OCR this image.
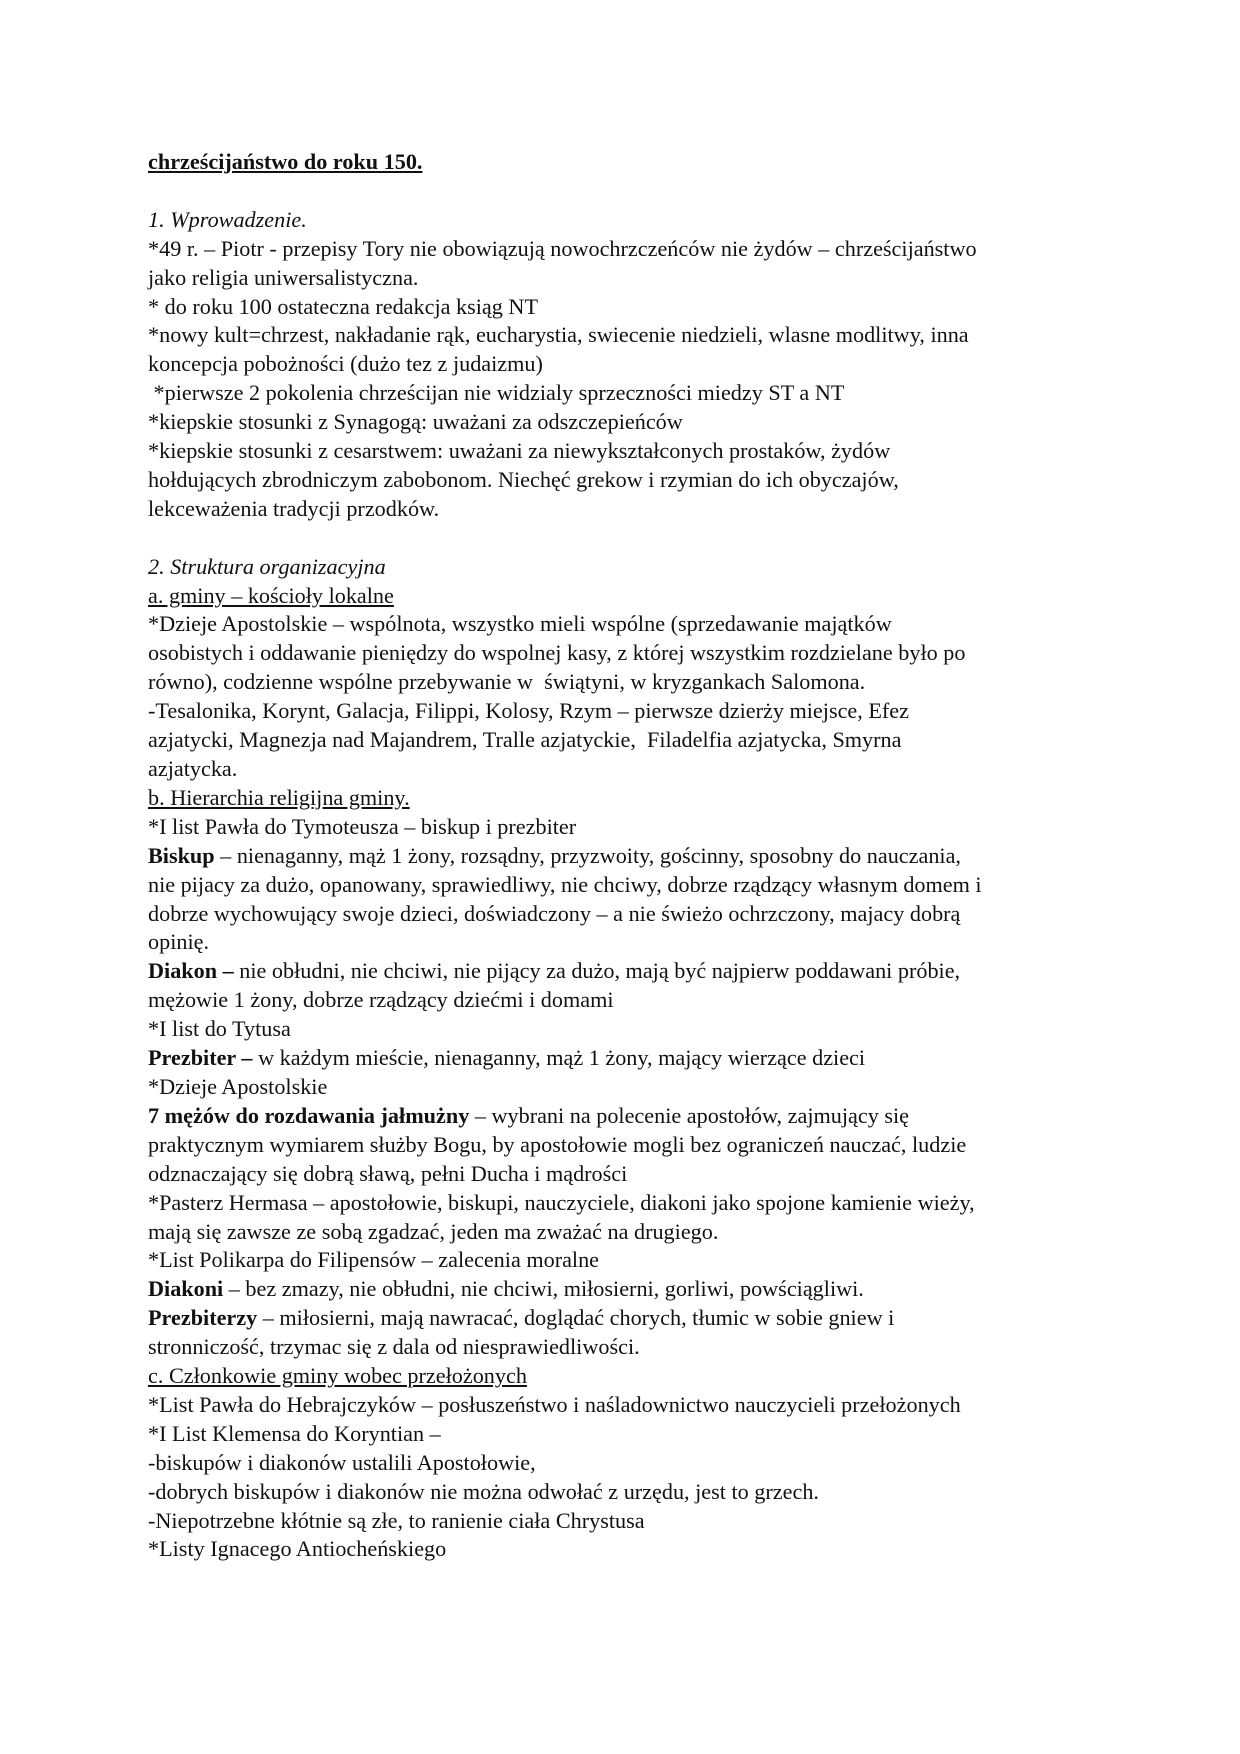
chrześcijaństwo do roku 150.
1. Wprowadzenie.
*49 r. – Piotr - przepisy Tory nie obowiązują nowochrzczeńców nie żydów – chrześcijaństwo
jako religia uniwersalistyczna.
* do roku 100 ostateczna redakcja ksiąg NT
*nowy kult=chrzest, nakładanie rąk, eucharystia, swiecenie niedzieli, wlasne modlitwy, inna
koncepcja pobożności (dużo tez z judaizmu)
*pierwsze 2 pokolenia chrześcijan nie widzialy sprzeczności miedzy ST a NT
*kiepskie stosunki z Synagogą: uważani za odszczepieńców
*kiepskie stosunki z cesarstwem: uważani za niewykształconych prostaków, żydów
hołdujących zbrodniczym zabobonom. Niechęć grekow i rzymian do ich obyczajów,
lekceważenia tradycji przodków.
2. Struktura organizacyjna
a. gminy – kościoły lokalne
*Dzieje Apostolskie – wspólnota, wszystko mieli wspólne (sprzedawanie majątków
osobistych i oddawanie pieniędzy do wspolnej kasy, z której wszystkim rozdzielane było po
równo), codzienne wspólne przebywanie w  świątyni, w kryzgankach Salomona.
-Tesalonika, Korynt, Galacja, Filippi, Kolosy, Rzym – pierwsze dzierży miejsce, Efez
azjatycki, Magnezja nad Majandrem, Tralle azjatyckie,  Filadelfia azjatycka, Smyrna
azjatycka.
b. Hierarchia religijna gminy.
*I list Pawła do Tymoteusza – biskup i prezbiter
Biskup – nienaganny, mąż 1 żony, rozsądny, przyzwoity, gościnny, sposobny do nauczania,
nie pijacy za dużo, opanowany, sprawiedliwy, nie chciwy, dobrze rządzący własnym domem i
dobrze wychowujący swoje dzieci, doświadczony – a nie świeżo ochrzczony, majacy dobrą
opinię.
Diakon – nie obłudni, nie chciwi, nie pijący za dużo, mają być najpierw poddawani próbie,
mężowie 1 żony, dobrze rządzący dziećmi i domami
*I list do Tytusa
Prezbiter – w każdym mieście, nienaganny, mąż 1 żony, mający wierzące dzieci
*Dzieje Apostolskie
7 mężów do rozdawania jałmużny – wybrani na polecenie apostołów, zajmujący się
praktycznym wymiarem służby Bogu, by apostołowie mogli bez ograniczeń nauczać, ludzie
odznaczający się dobrą sławą, pełni Ducha i mądrości
*Pasterz Hermasa – apostołowie, biskupi, nauczyciele, diakoni jako spojone kamienie wieży,
mają się zawsze ze sobą zgadzać, jeden ma zważać na drugiego.
*List Polikarpa do Filipensów – zalecenia moralne
Diakoni – bez zmazy, nie obłudni, nie chciwi, miłosierni, gorliwi, powściągliwi.
Prezbiterzy – miłosierni, mają nawracać, doglądać chorych, tłumic w sobie gniew i
stronniczość, trzymac się z dala od niesprawiedliwości.
c. Członkowie gminy wobec przełożonych
*List Pawła do Hebrajczyków – posłuszeństwo i naśladownictwo nauczycieli przełożonych
*I List Klemensa do Koryntian –
-biskupów i diakonów ustalili Apostołowie,
-dobrych biskupów i diakonów nie można odwołać z urzędu, jest to grzech.
-Niepotrzebne kłótnie są złe, to ranienie ciała Chrystusa
*Listy Ignacego Antiocheńskiego
